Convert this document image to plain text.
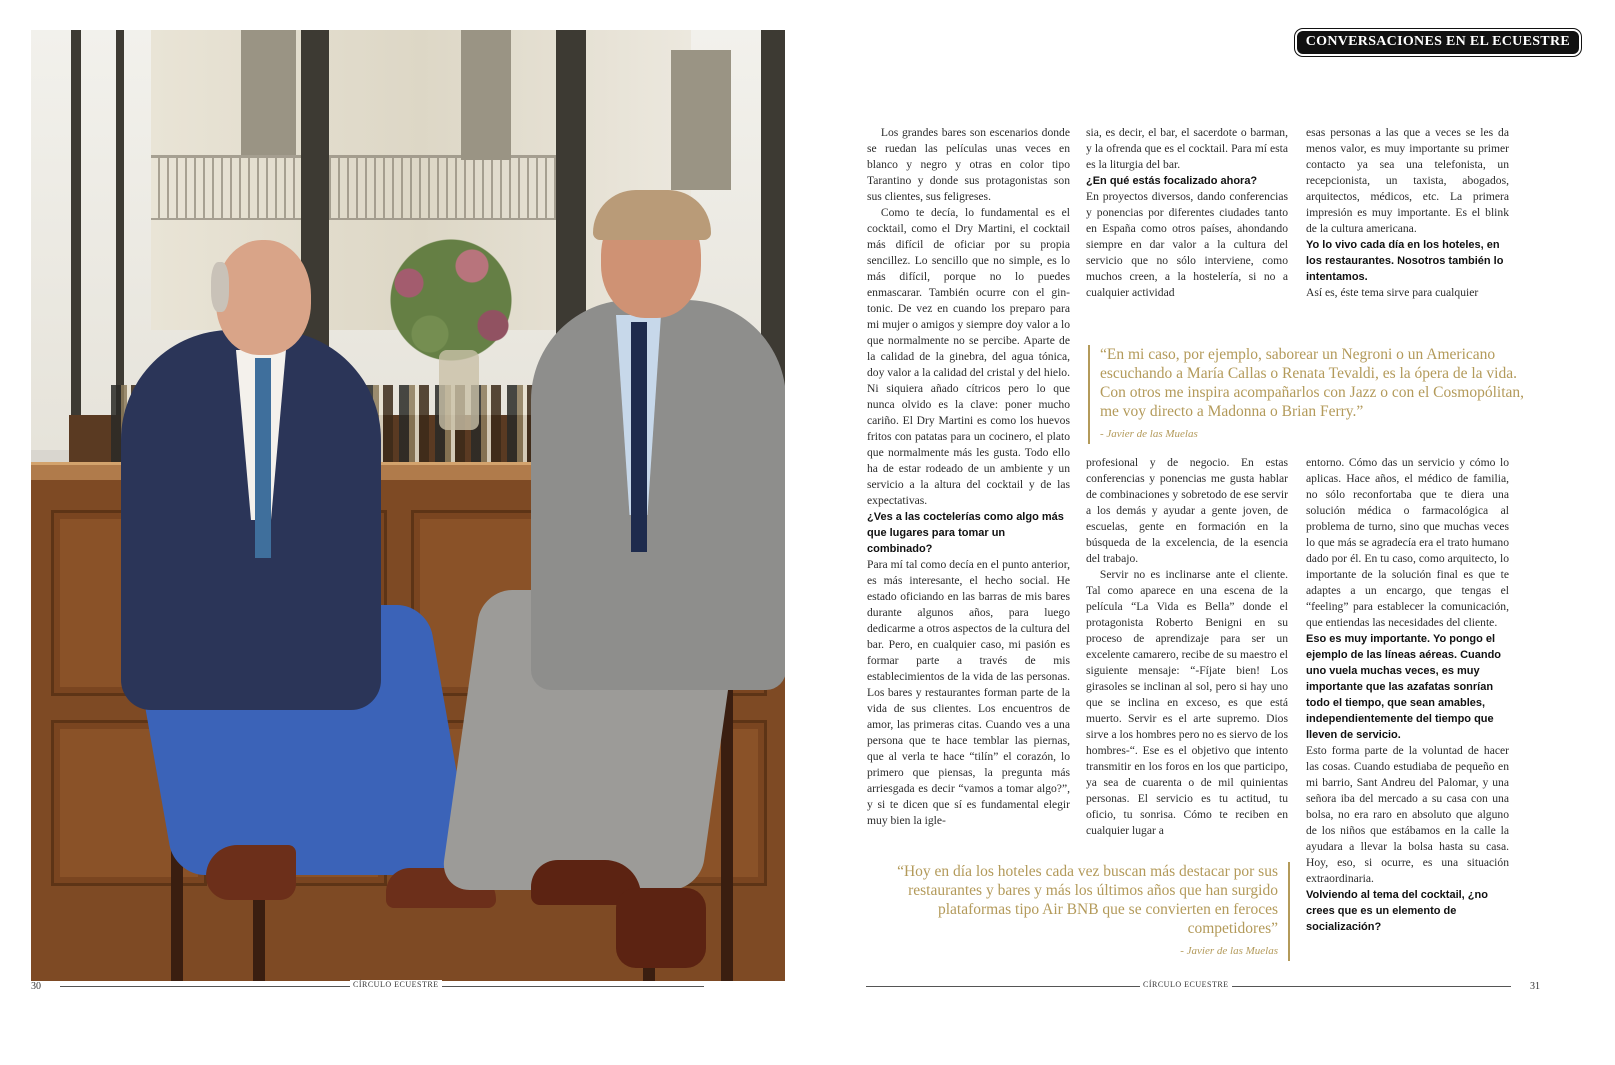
30	CÍRCULO ECUESTRE
CONVERSACIONES EN EL ECUESTRE

Los grandes bares son escenarios donde se ruedan las películas unas veces en blanco y negro y otras en color tipo Tarantino y donde sus protagonistas son sus clientes, sus feligreses.

Como te decía, lo fundamental es el cocktail, como el Dry Martini, el cocktail más difícil de oficiar por su propia sencillez. Lo sencillo que no simple, es lo más difícil, porque no lo puedes enmascarar. También ocurre con el gin-tonic. De vez en cuando los preparo para mi mujer o amigos y siempre doy valor a lo que normalmente no se percibe. Aparte de la calidad de la ginebra, del agua tónica, doy valor a la calidad del cristal y del hielo. Ni siquiera añado cítricos pero lo que nunca olvido es la clave: poner mucho cariño. El Dry Martini es como los huevos fritos con patatas para un cocinero, el plato que normalmente más les gusta. Todo ello ha de estar rodeado de un ambiente y un servicio a la altura del cocktail y de las expectativas.

¿Ves a las coctelerías como algo más que lugares para tomar un combinado?

Para mí tal como decía en el punto anterior, es más interesante, el hecho social. He estado oficiando en las barras de mis bares durante algunos años, para luego dedicarme a otros aspectos de la cultura del bar. Pero, en cualquier caso, mi pasión es formar parte a través de mis establecimientos de la vida de las personas. Los bares y restaurantes forman parte de la vida de sus clientes. Los encuentros de amor, las primeras citas. Cuando ves a una persona que te hace temblar las piernas, que al verla te hace “tilín” el corazón, lo primero que piensas, la pregunta más arriesgada es decir “vamos a tomar algo?”, y si te dicen que sí es fundamental elegir muy bien la igle-

sia, es decir, el bar, el sacerdote o barman, y la ofrenda que es el cocktail. Para mí esta es la liturgia del bar.

¿En qué estás focalizado ahora?

En proyectos diversos, dando conferencias y ponencias por diferentes ciudades tanto en España como otros países, ahondando siempre en dar valor a la cultura del servicio que no sólo interviene, como muchos creen, a la hostelería, si no a cualquier actividad

esas personas a las que a veces se les da menos valor, es muy importante su primer contacto ya sea una telefonista, un recepcionista, un taxista, abogados, arquitectos, médicos, etc. La primera impresión es muy importante. Es el blink de la cultura americana.

Yo lo vivo cada día en los hoteles, en los restaurantes. Nosotros también lo intentamos.

Así es, éste tema sirve para cualquier

“En mi caso, por ejemplo, saborear un Negroni o un Americano escuchando a María Callas o Renata Tevaldi, es la ópera de la vida. Con otros me inspira acompañarlos con Jazz o con el Cosmopólitan, me voy directo a Madonna o Brian Ferry.”
- Javier de las Muelas

profesional y de negocio. En estas conferencias y ponencias me gusta hablar de combinaciones y sobretodo de ese servir a los demás y ayudar a gente joven, de escuelas, gente en formación en la búsqueda de la excelencia, de la esencia del trabajo.

Servir no es inclinarse ante el cliente. Tal como aparece en una escena de la película “La Vida es Bella” donde el protagonista Roberto Benigni en su proceso de aprendizaje para ser un excelente camarero, recibe de su maestro el siguiente mensaje: “-Fíjate bien! Los girasoles se inclinan al sol, pero si hay uno que se inclina en exceso, es que está muerto. Servir es el arte supremo. Dios sirve a los hombres pero no es siervo de los hombres-“. Ese es el objetivo que intento transmitir en los foros en los que participo, ya sea de cuarenta o de mil quinientas personas. El servicio es tu actitud, tu oficio, tu sonrisa. Cómo te reciben en cualquier lugar a

entorno. Cómo das un servicio y cómo lo aplicas. Hace años, el médico de familia, no sólo reconfortaba que te diera una solución médica o farmacológica al problema de turno, sino que muchas veces lo que más se agradecía era el trato humano dado por él. En tu caso, como arquitecto, lo importante de la solución final es que te adaptes a un encargo, que tengas el “feeling” para establecer la comunicación, que entiendas las necesidades del cliente.

Eso es muy importante. Yo pongo el ejemplo de las líneas aéreas. Cuando uno vuela muchas veces, es muy importante que las azafatas sonrían todo el tiempo, que sean amables, independientemente del tiempo que lleven de servicio.

Esto forma parte de la voluntad de hacer las cosas. Cuando estudiaba de pequeño en mi barrio, Sant Andreu del Palomar, y una señora iba del mercado a su casa con una bolsa, no era raro en absoluto que alguno de los niños que estábamos en la calle la ayudara a llevar la bolsa hasta su casa. Hoy, eso, si ocurre, es una situación extraordinaria.

Volviendo al tema del cocktail, ¿no crees que es un elemento de socialización?

“Hoy en día los hoteles cada vez buscan más destacar por sus restaurantes y bares y más los últimos años que han surgido plataformas tipo Air BNB que se convierten en feroces competidores”
- Javier de las Muelas
CÍRCULO ECUESTRE	31
